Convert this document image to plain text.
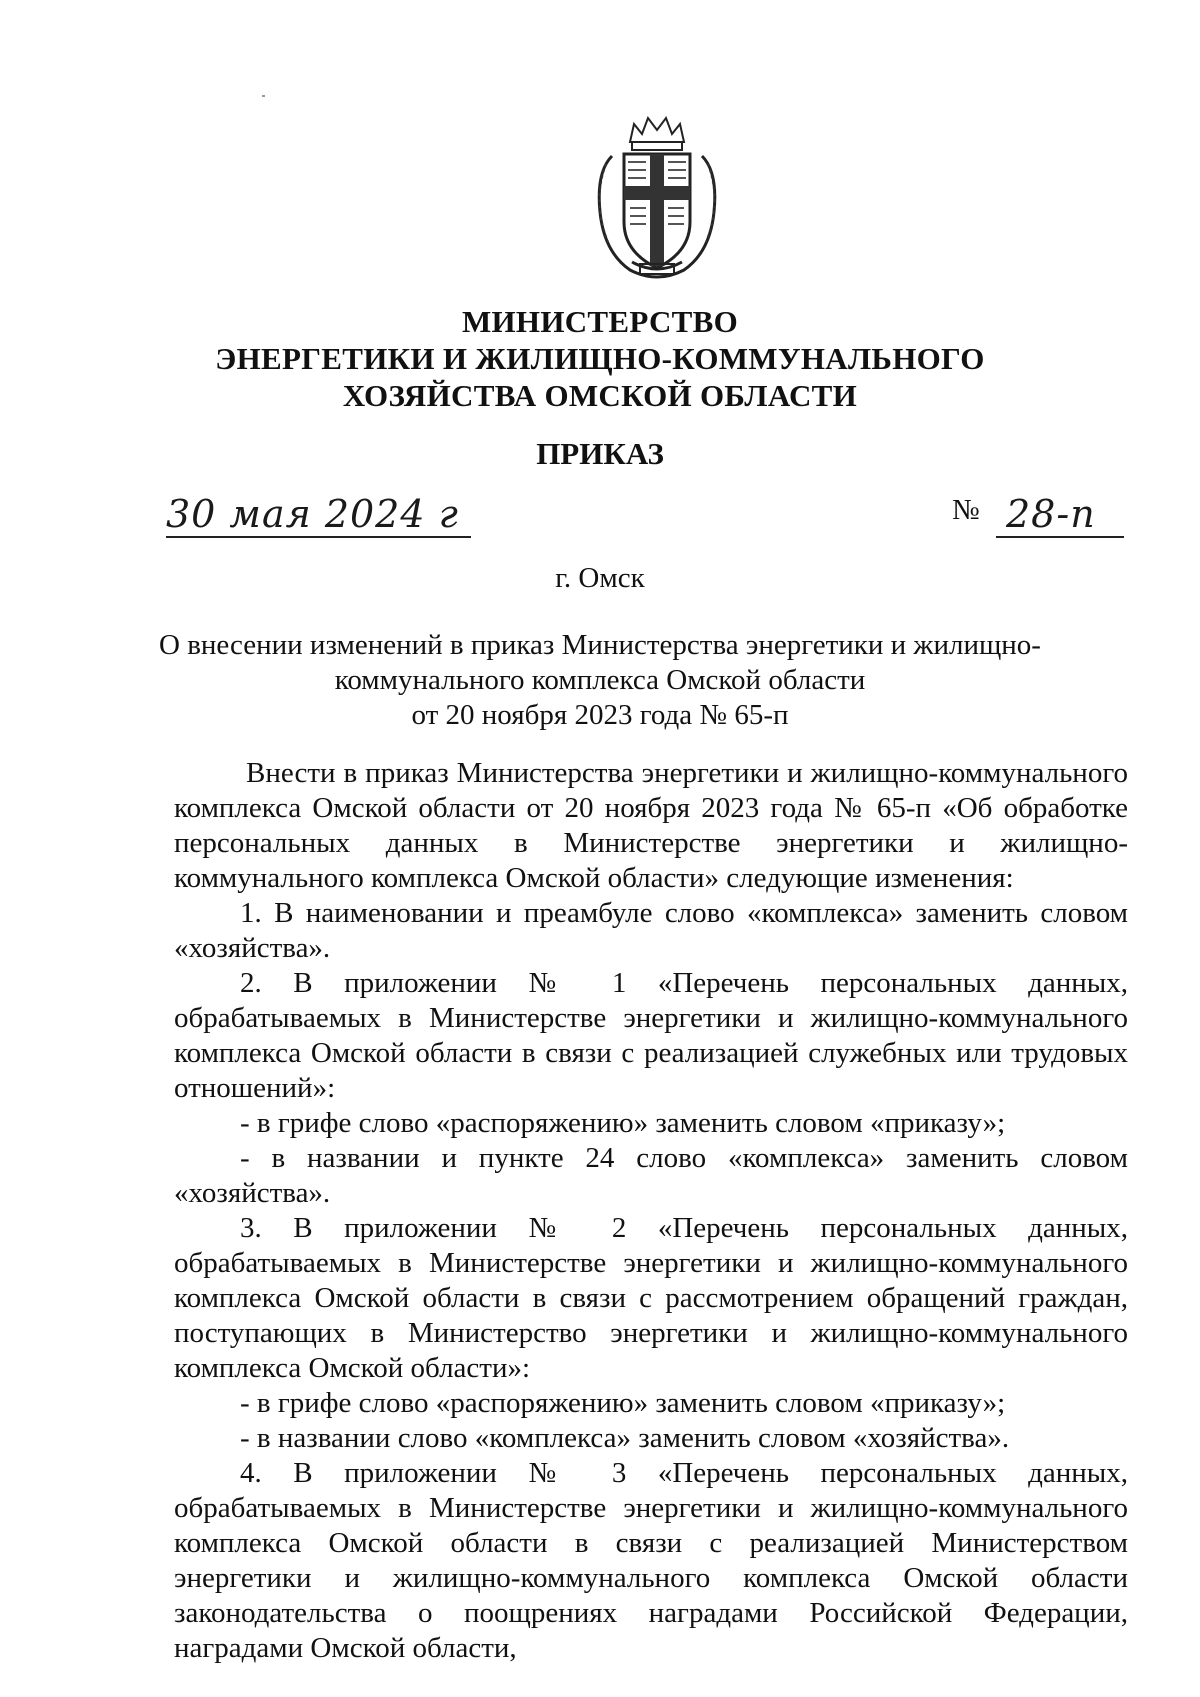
МИНИСТЕРСТВО
ЭНЕРГЕТИКИ И ЖИЛИЩНО-КОММУНАЛЬНОГО
ХОЗЯЙСТВА ОМСКОЙ ОБЛАСТИ
ПРИКАЗ
30 мая 2024 г	№ 28-п
г. Омск
О внесении изменений в приказ Министерства энергетики и жилищно-
коммунального комплекса Омской области
от 20 ноября 2023 года № 65-п

Внести в приказ Министерства энергетики и жилищно-коммунального комплекса Омской области от 20 ноября 2023 года № 65-п «Об обработке персональных данных в Министерстве энергетики и жилищно-коммунального комплекса Омской области» следующие изменения:

1. В наименовании и преамбуле слово «комплекса» заменить словом «хозяйства».

2. В приложении № 1 «Перечень персональных данных, обрабатываемых в Министерстве энергетики и жилищно-коммунального комплекса Омской области в связи с реализацией служебных или трудовых отношений»:

- в грифе слово «распоряжению» заменить словом «приказу»;

- в названии и пункте 24 слово «комплекса» заменить словом «хозяйства».

3. В приложении № 2 «Перечень персональных данных, обрабатываемых в Министерстве энергетики и жилищно-коммунального комплекса Омской области в связи с рассмотрением обращений граждан, поступающих в Министерство энергетики и жилищно-коммунального комплекса Омской области»:

- в грифе слово «распоряжению» заменить словом «приказу»;

- в названии слово «комплекса» заменить словом «хозяйства».

4. В приложении № 3 «Перечень персональных данных, обрабатываемых в Министерстве энергетики и жилищно-коммунального комплекса Омской области в связи с реализацией Министерством энергетики и жилищно-коммунального комплекса Омской области законодательства о поощрениях наградами Российской Федерации, наградами Омской области,
